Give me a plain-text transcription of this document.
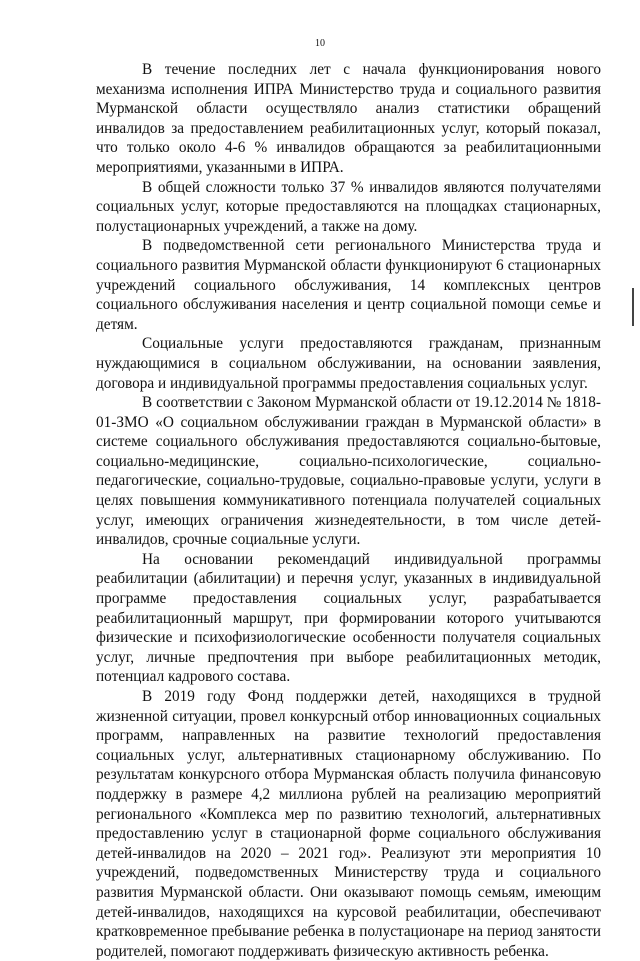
10

В течение последних лет с начала функционирования нового механизма исполнения ИПРА Министерство труда и социального развития Мурманской области осуществляло анализ статистики обращений инвалидов за предоставлением реабилитационных услуг, который показал, что только около 4-6 % инвалидов обращаются за реабилитационными мероприятиями, указанными в ИПРА.

В общей сложности только 37 % инвалидов являются получателями социальных услуг, которые предоставляются на площадках стационарных, полустационарных учреждений, а также на дому.

В подведомственной сети регионального Министерства труда и социального развития Мурманской области функционируют 6 стационарных учреждений социального обслуживания, 14 комплексных центров социального обслуживания населения и центр социальной помощи семье и детям.

Социальные услуги предоставляются гражданам, признанным нуждающимися в социальном обслуживании, на основании заявления, договора и индивидуальной программы предоставления социальных услуг.

В соответствии с Законом Мурманской области от 19.12.2014 № 1818-01-ЗМО «О социальном обслуживании граждан в Мурманской области» в системе социального обслуживания предоставляются социально-бытовые, социально-медицинские, социально-психологические, социально-педагогические, социально-трудовые, социально-правовые услуги, услуги в целях повышения коммуникативного потенциала получателей социальных услуг, имеющих ограничения жизнедеятельности, в том числе детей-инвалидов, срочные социальные услуги.

На основании рекомендаций индивидуальной программы реабилитации (абилитации) и перечня услуг, указанных в индивидуальной программе предоставления социальных услуг, разрабатывается реабилитационный маршрут, при формировании которого учитываются физические и психофизиологические особенности получателя социальных услуг, личные предпочтения при выборе реабилитационных методик, потенциал кадрового состава.

В 2019 году Фонд поддержки детей, находящихся в трудной жизненной ситуации, провел конкурсный отбор инновационных социальных программ, направленных на развитие технологий предоставления социальных услуг, альтернативных стационарному обслуживанию. По результатам конкурсного отбора Мурманская область получила финансовую поддержку в размере 4,2 миллиона рублей на реализацию мероприятий регионального «Комплекса мер по развитию технологий, альтернативных предоставлению услуг в стационарной форме социального обслуживания детей-инвалидов на 2020 – 2021 год». Реализуют эти мероприятия 10 учреждений, подведомственных Министерству труда и социального развития Мурманской области. Они оказывают помощь семьям, имеющим детей-инвалидов, находящихся на курсовой реабилитации, обеспечивают кратковременное пребывание ребенка в полустационаре на период занятости родителей, помогают поддерживать физическую активность ребенка.
